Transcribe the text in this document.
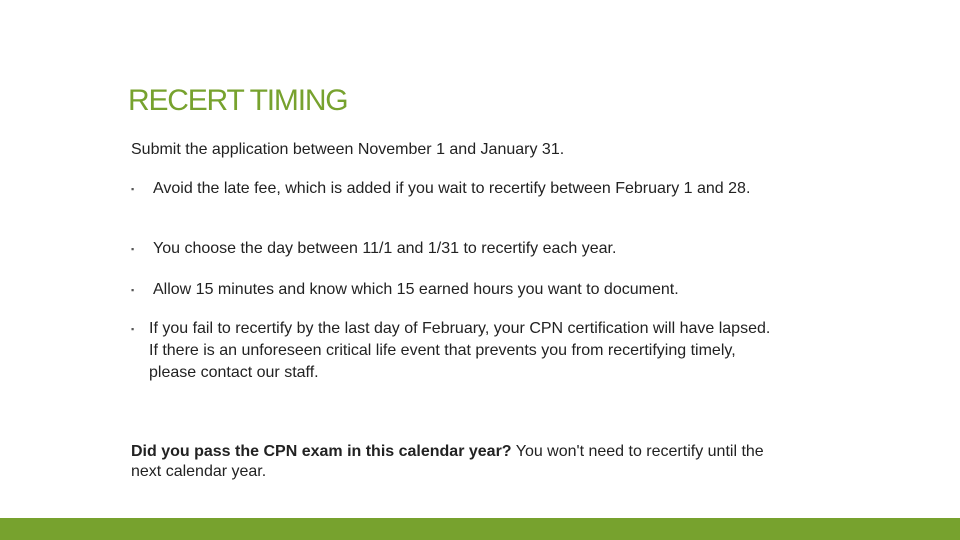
RECERT TIMING
Submit the application between November 1 and January 31.
▪	Avoid the late fee, which is added if you wait to recertify between February 1 and 28.
▪	You choose the day between 11/1 and 1/31 to recertify each year.
▪	Allow 15 minutes and know which 15 earned hours you want to document.
▪ If you fail to recertify by the last day of February, your CPN certification will have lapsed. If there is an unforeseen critical life event that prevents you from recertifying timely, please contact our staff.
Did you pass the CPN exam in this calendar year? You won't need to recertify until the next calendar year.
